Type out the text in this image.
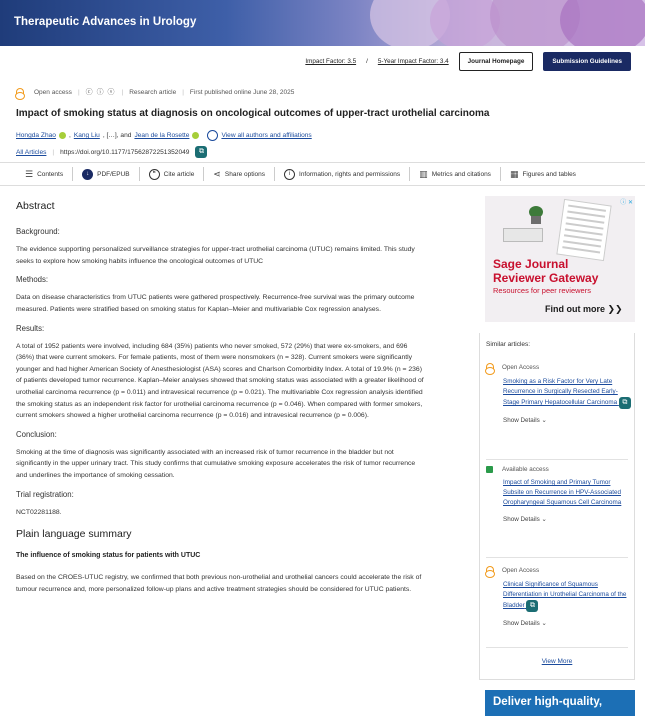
Therapeutic Advances in Urology
Impact Factor: 3.5 / 5-Year Impact Factor: 3.4	Journal Homepage	Submission Guidelines
Open access | ⓒ ⓘ ⓢ | Research article | First published online June 28, 2025
Impact of smoking status at diagnosis on oncological outcomes of upper-tract urothelial carcinoma
Hongda Zhao , Kang Liu , […], and Jean de la Rosette	View all authors and affiliations
All Articles | https://doi.org/10.1177/17562872251352049	⧉
☰ Contents	↓	PDF/EPUB	❝	Cite article ⋖ Share options	i	Information, rights and permissions ▥ Metrics and citations ▦ Figures and tables
Abstract
Background:

The evidence supporting personalized surveillance strategies for upper-tract urothelial carcinoma (UTUC) remains limited. This study seeks to explore how smoking habits influence the oncological outcomes of UTUC

Methods:

Data on disease characteristics from UTUC patients were gathered prospectively. Recurrence-free survival was the primary outcome measured. Patients were stratified based on smoking status for Kaplan–Meier and multivariable Cox regression analyses.

Results:

A total of 1952 patients were involved, including 684 (35%) patients who never smoked, 572 (29%) that were ex-smokers, and 696 (36%) that were current smokers. For female patients, most of them were nonsmokers (n = 328). Current smokers were significantly younger and had higher American Society of Anesthesiologist (ASA) scores and Charlson Comorbidity Index. A total of 19.9% (n = 236) of patients developed tumor recurrence. Kaplan–Meier analyses showed that smoking status was associated with a greater likelihood of urothelial carcinoma recurrence (p = 0.011) and intravesical recurrence (p = 0.021). The multivariable Cox regression analysis identified the smoking status as an independent risk factor for urothelial carcinoma recurrence (p = 0.046). When compared with former smokers, current smokers showed a higher urothelial carcinoma recurrence (p = 0.016) and intravesical recurrence (p = 0.006).

Conclusion:

Smoking at the time of diagnosis was significantly associated with an increased risk of tumor recurrence in the bladder but not significantly in the upper urinary tract. This study confirms that cumulative smoking exposure accelerates the risk of tumor recurrence and underlines the importance of smoking cessation.

Trial registration:

NCT02281188.

Plain language summary
The influence of smoking status for patients with UTUC

Based on the CROES-UTUC registry, we confirmed that both previous non-urothelial and urothelial cancers could accelerate the risk of tumour recurrence and, more personalized follow-up plans and active treatment strategies should be considered for UTUC patients.

ⓘ ✕
Sage Journal
Reviewer Gateway
Resources for peer reviewers
Find out more ❯❯
Similar articles:
Open Access
Smoking as a Risk Factor for Very Late Recurrence in Surgically Resected Early-Stage Primary Hepatocellular Carcinoma ⧉
Show Details ⌄
Available access
Impact of Smoking and Primary Tumor Subsite on Recurrence in HPV-Associated Oropharyngeal Squamous Cell Carcinoma
Show Details ⌄
Open Access
Clinical Significance of Squamous Differentiation in Urothelial Carcinoma of the Bladder ⧉
Show Details ⌄
View More
Deliver high-quality,
